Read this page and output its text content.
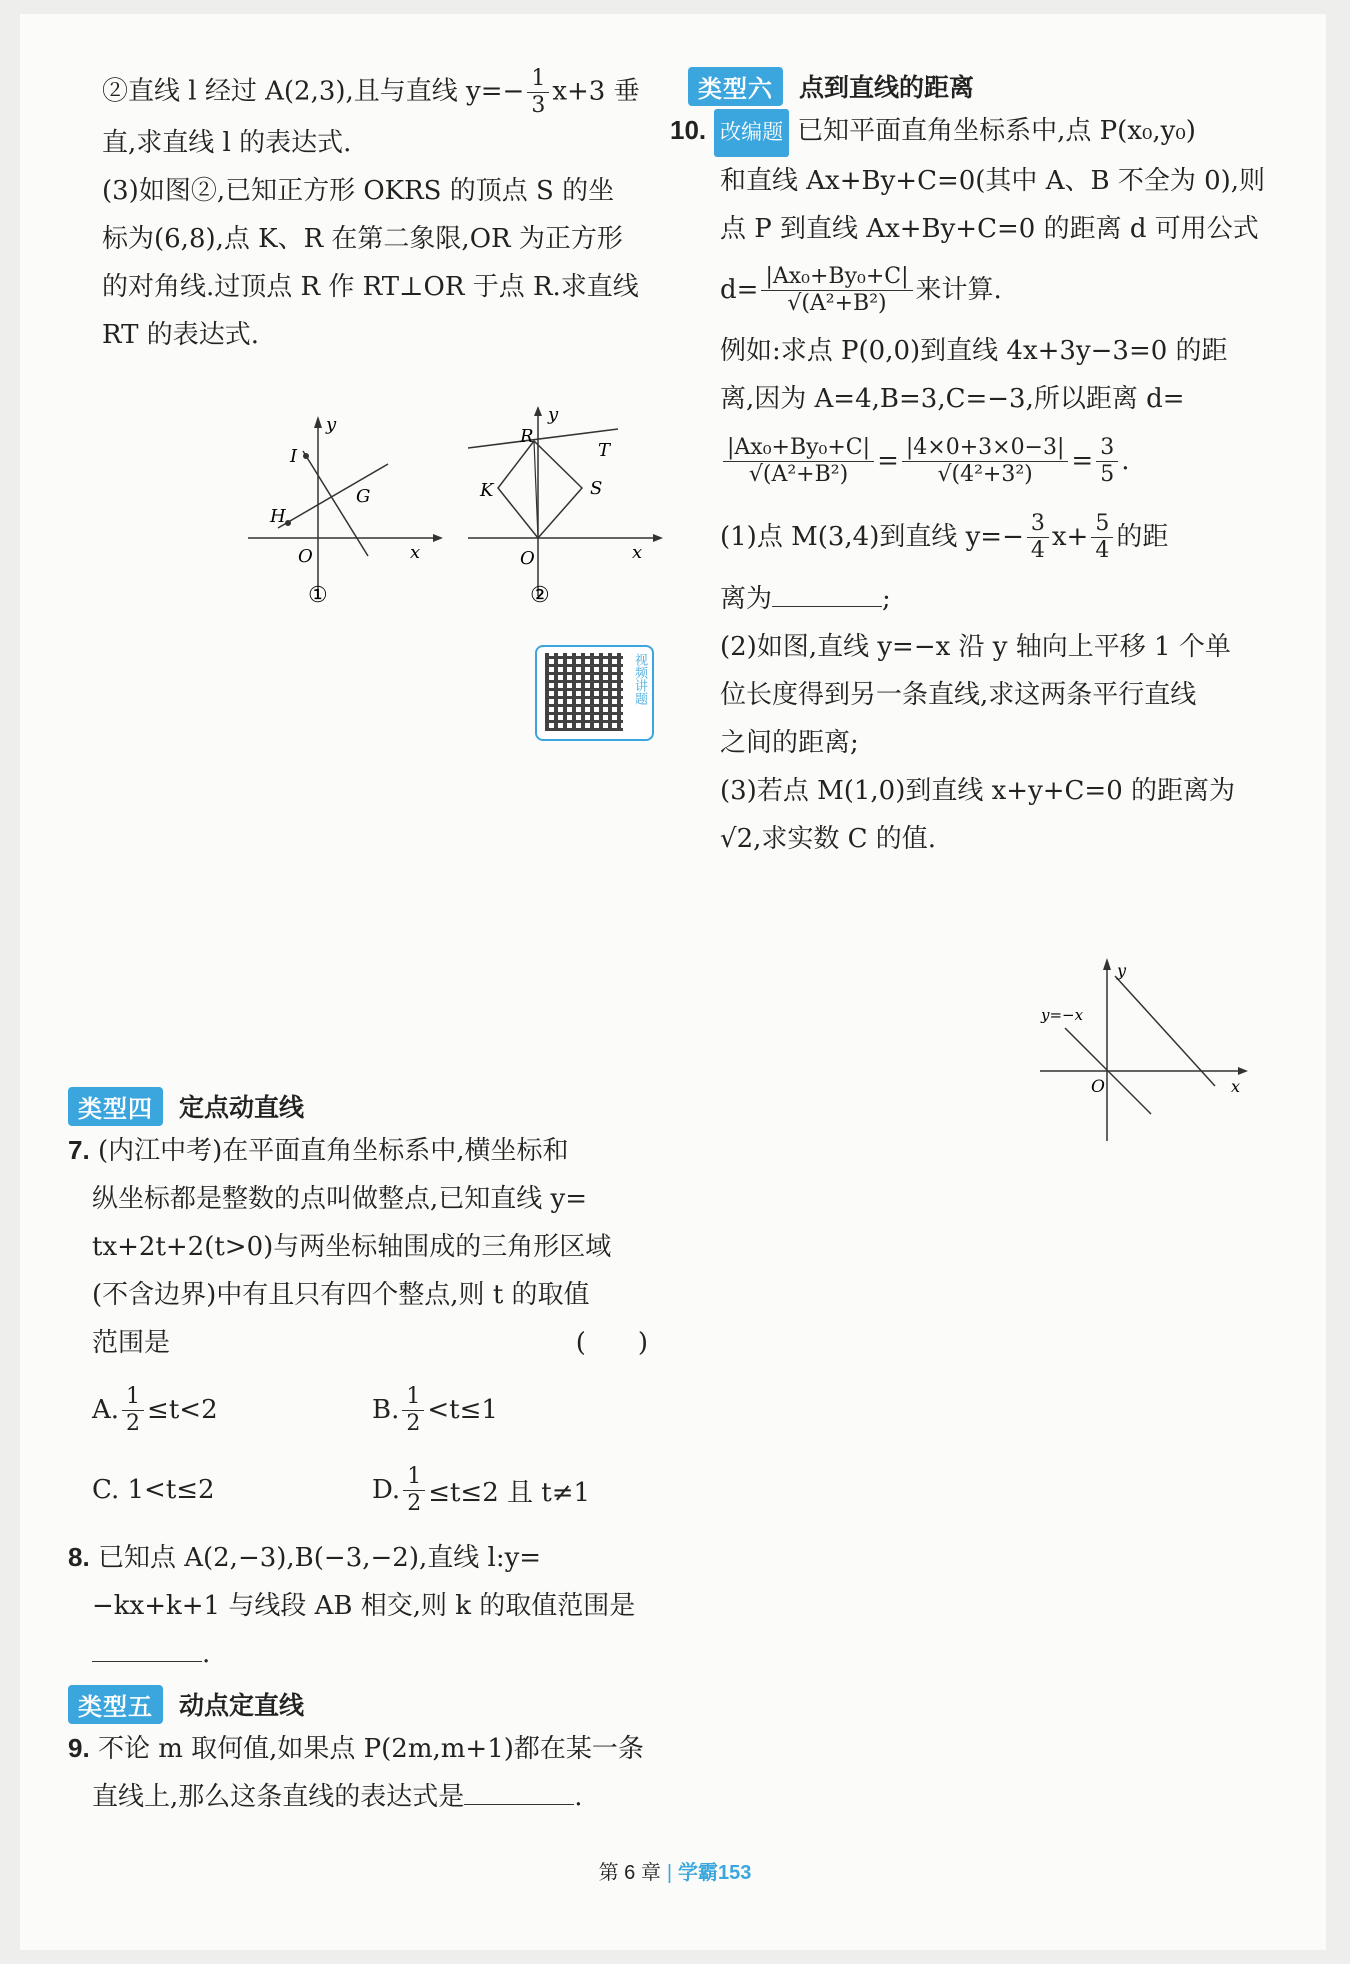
②直线 l 经过 A(2,3),且与直线 $y=- \frac{1}{3} x+3$ 垂

直,求直线 l 的表达式.

(3)如图②,已知正方形 OKRS 的顶点 S 的坐

标为(6,8),点 K、R 在第二象限,OR 为正方形

的对角线.过顶点 R 作 RT⊥OR 于点 R.求直线

RT 的表达式.

y
x
O
I
H
G
①
y
x
O
R
T
K	S
②
类型四	定点动直线

7. (内江中考)在平面直角坐标系中,横坐标和

纵坐标都是整数的点叫做整点,已知直线 y=

tx+2t+2(t>0)与两坐标轴围成的三角形区域

(不含边界)中有且只有四个整点,则 t 的取值

范围是	(　　)

A. $\frac{1}{2} \le t<2$	B. $\frac{1}{2} <t\le 1$
C. 1<t≤2	D. $\frac{1}{2} \le t\le 2$ 且 t≠1

8. 已知点 A(2,−3),B(−3,−2),直线 l:y=

−kx+k+1 与线段 AB 相交,则 k 的取值范围是

.

类型五	动点定直线

9. 不论 m 取何值,如果点 P(2m,m+1)都在某一条

直线上,那么这条直线的表达式是	.

视频讲题
类型六	点到直线的距离

10. 改编题 已知平面直角坐标系中,点 P(x₀,y₀)

和直线 Ax+By+C=0(其中 A、B 不全为 0),则

点 P 到直线 Ax+By+C=0 的距离 d 可用公式

$d= \frac{\text{|Ax₀+By₀+C|}}{\text{√(A²+B²)}}$ 来计算.

例如:求点 P(0,0)到直线 4x+3y−3=0 的距

离,因为 A=4,B=3,C=−3,所以距离 d=

$\frac{\text{|Ax₀+By₀+C|}}{\text{√(A²+B²)}} = \frac{|4\times 0+3\times 0-3|}{\text{√(4²+3²)}} = \frac{3}{5}$ .

(1)点 M(3,4)到直线 $y=- \frac{3}{4} x+ \frac{5}{4}$ 的距

离为	;

(2)如图,直线 y=−x 沿 y 轴向上平移 1 个单

位长度得到另一条直线,求这两条平行直线

之间的距离;

(3)若点 M(1,0)到直线 x+y+C=0 的距离为

√2,求实数 C 的值.

y
x
O
y=−x
第 6 章 | 学霸153
